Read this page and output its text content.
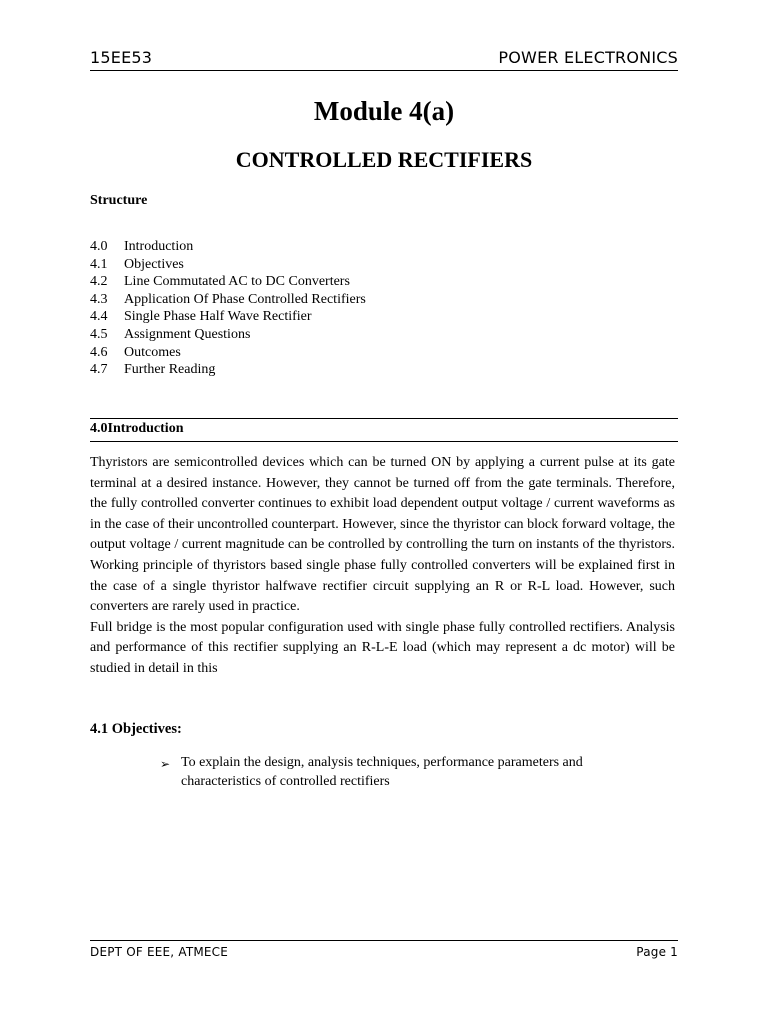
15EE53	POWER ELECTRONICS
Module 4(a)
CONTROLLED RECTIFIERS
Structure
4.0 Introduction
4.1 Objectives
4.2 Line Commutated AC to DC Converters
4.3 Application Of Phase Controlled Rectifiers
4.4 Single Phase Half Wave Rectifier
4.5 Assignment Questions
4.6 Outcomes
4.7 Further Reading
4.0Introduction

Thyristors are semicontrolled devices which can be turned ON by applying a current pulse at its gate terminal at a desired instance. However, they cannot be turned off from the gate terminals. Therefore, the fully controlled converter continues to exhibit load dependent output voltage / current waveforms as in the case of their uncontrolled counterpart. However, since the thyristor can block forward voltage, the output voltage / current magnitude can be controlled by controlling the turn on instants of the thyristors. Working principle of thyristors based single phase fully controlled converters will be explained first in the case of a single thyristor halfwave rectifier circuit supplying an R or R-L load. However, such converters are rarely used in practice.

Full bridge is the most popular configuration used with single phase fully controlled rectifiers. Analysis and performance of this rectifier supplying an R-L-E load (which may represent a dc motor) will be studied in detail in this

4.1 Objectives:
➢ To explain the design, analysis techniques, performance parameters and characteristics of controlled rectifiers
DEPT OF EEE, ATMECE	Page 1
